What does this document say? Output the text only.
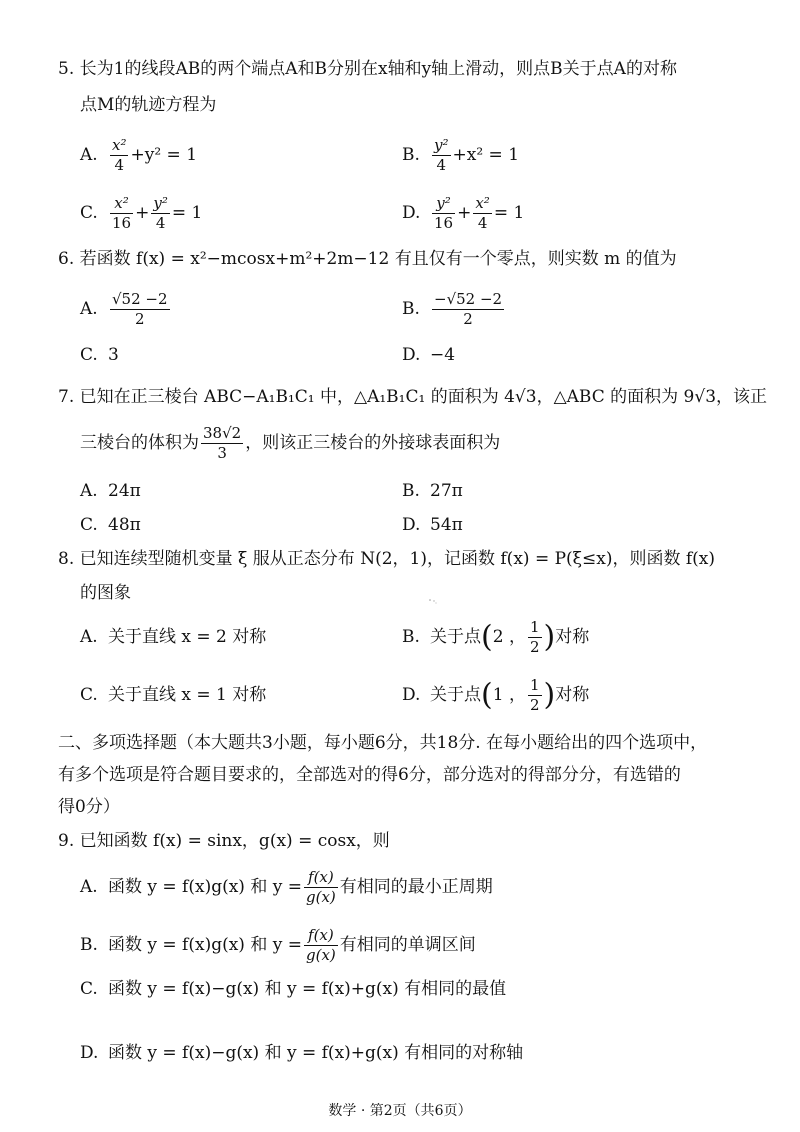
5. 长为1的线段AB的两个端点A和B分别在x轴和y轴上滑动，则点B关于点A的对称
点M的轨迹方程为
A. $\frac{\text{x²}}{4} +y^2 = 1$	B. $\frac{\text{y²}}{4} +x^2 = 1$
C. $\frac{\text{x²}}{16} + \frac{\text{y²}}{4} = 1$	D. $\frac{\text{y²}}{16} + \frac{\text{x²}}{4} = 1$
6. 若函数 f(x) = x²−mcosx+m²+2m−12 有且仅有一个零点，则实数 m 的值为
A. $\frac{√52 -2}{2}$	B. $\frac{-√52 -2}{2}$
C. 3	D. −4
7. 已知在正三棱台 ABC−A₁B₁C₁ 中，△A₁B₁C₁ 的面积为 4√3，△ABC 的面积为 9√3，该正
三棱台的体积为 $\frac{38√2}{3}$ ，则该正三棱台的外接球表面积为
A. 24π	B. 27π
C. 48π	D. 54π
8. 已知连续型随机变量 ξ 服从正态分布 N(2，1)，记函数 f(x) = P(ξ≤x)，则函数 f(x)
的图象
A. 关于直线 x = 2 对称	B. 关于点(2 ， $\frac{1}{2}$ )对称
C. 关于直线 x = 1 对称	D. 关于点(1 ， $\frac{1}{2}$ )对称
二、多项选择题（本大题共3小题，每小题6分，共18分. 在每小题给出的四个选项中，
有多个选项是符合题目要求的，全部选对的得6分，部分选对的得部分分，有选错的
得0分）
9. 已知函数 f(x) = sinx，g(x) = cosx，则
A. 函数 y = f(x)g(x) 和 $y = \frac{f(x)}{g(x)}$ 有相同的最小正周期
B. 函数 y = f(x)g(x) 和 $y = \frac{f(x)}{g(x)}$ 有相同的单调区间
C. 函数 y = f(x)−g(x) 和 y = f(x)+g(x) 有相同的最值
D. 函数 y = f(x)−g(x) 和 y = f(x)+g(x) 有相同的对称轴
数学 · 第2页（共6页）
